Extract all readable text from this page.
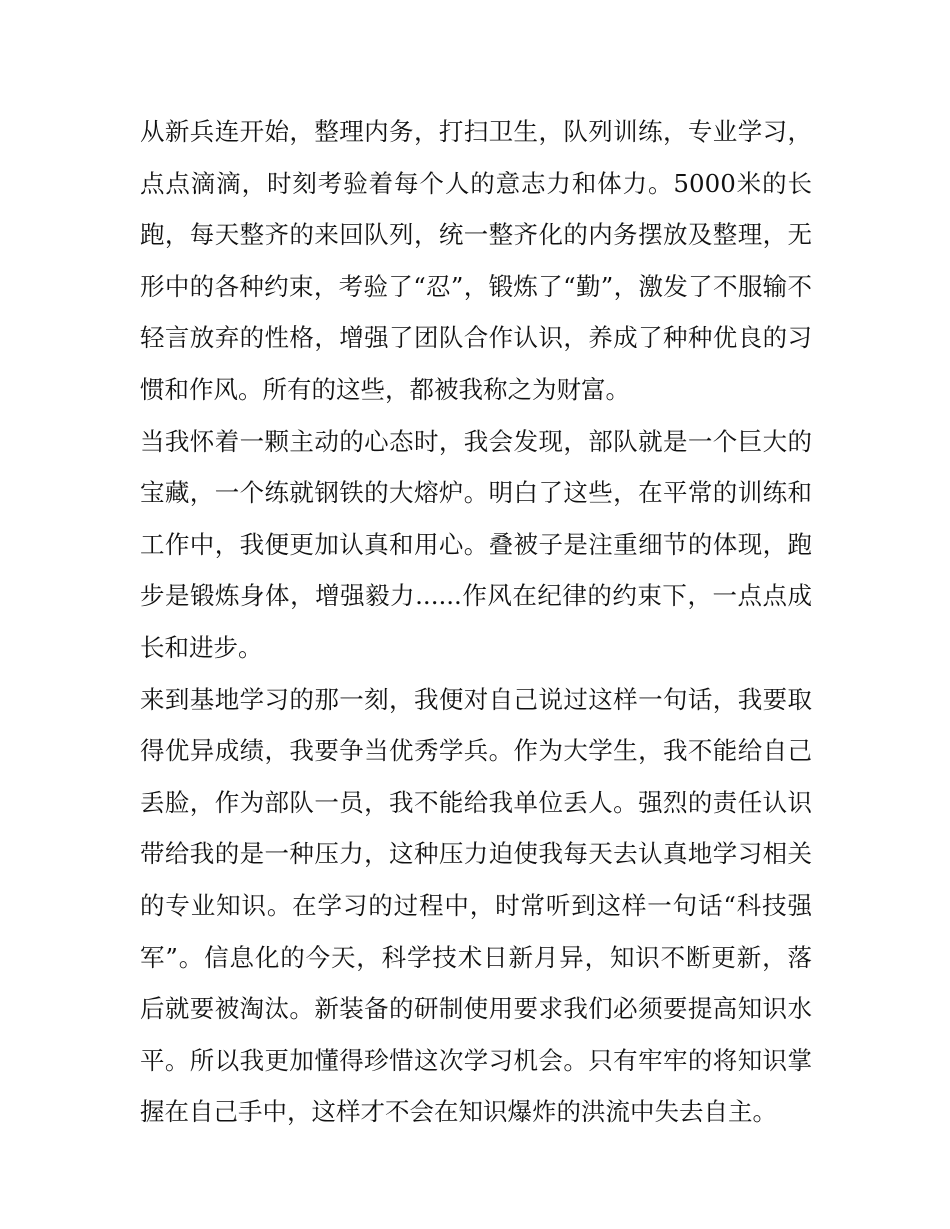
从新兵连开始，整理内务，打扫卫生，队列训练，专业学习，点点滴滴，时刻考验着每个人的意志力和体力。5000米的长跑，每天整齐的来回队列，统一整齐化的内务摆放及整理，无形中的各种约束，考验了“忍”，锻炼了“勤”，激发了不服输不轻言放弃的性格，增强了团队合作认识，养成了种种优良的习惯和作风。所有的这些，都被我称之为财富。

当我怀着一颗主动的心态时，我会发现，部队就是一个巨大的宝藏，一个练就钢铁的大熔炉。明白了这些，在平常的训练和工作中，我便更加认真和用心。叠被子是注重细节的体现，跑步是锻炼身体，增强毅力......作风在纪律的约束下，一点点成长和进步。

来到基地学习的那一刻，我便对自己说过这样一句话，我要取得优异成绩，我要争当优秀学兵。作为大学生，我不能给自己丢脸，作为部队一员，我不能给我单位丢人。强烈的责任认识带给我的是一种压力，这种压力迫使我每天去认真地学习相关的专业知识。在学习的过程中，时常听到这样一句话“科技强军”。信息化的今天，科学技术日新月异，知识不断更新，落后就要被淘汰。新装备的研制使用要求我们必须要提高知识水平。所以我更加懂得珍惜这次学习机会。只有牢牢的将知识掌握在自己手中，这样才不会在知识爆炸的洪流中失去自主。
